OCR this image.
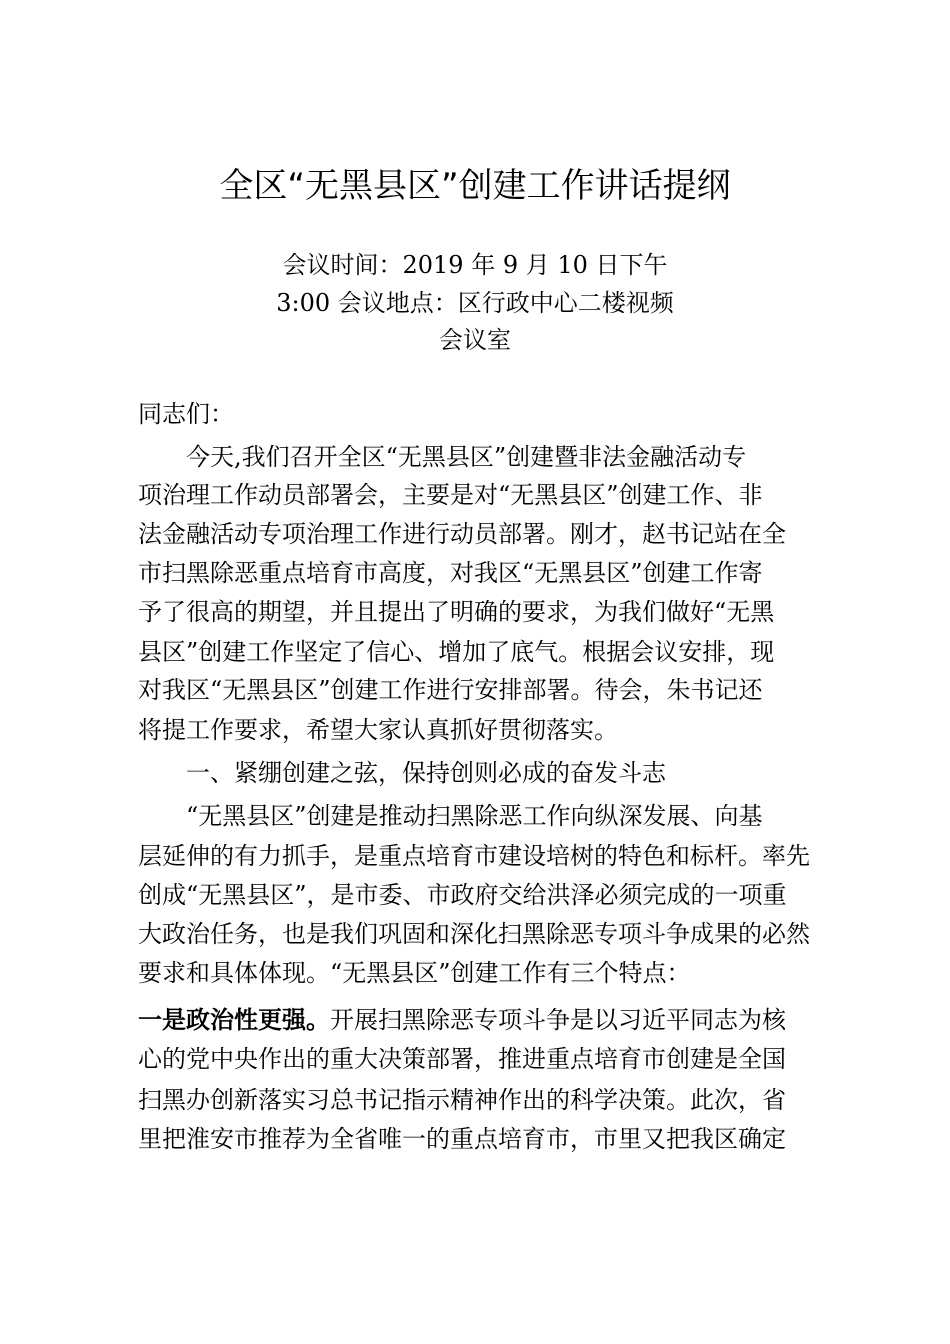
全区“无黑县区”创建工作讲话提纲
会议时间：2019 年 9 月 10 日下午
3:00 会议地点：区行政中心二楼视频
会议室
同志们：
今天,我们召开全区“无黑县区”创建暨非法金融活动专
项治理工作动员部署会，主要是对“无黑县区”创建工作、非
法金融活动专项治理工作进行动员部署。刚才，赵书记站在全
市扫黑除恶重点培育市高度，对我区“无黑县区”创建工作寄
予了很高的期望，并且提出了明确的要求，为我们做好“无黑
县区”创建工作坚定了信心、增加了底气。根据会议安排，现
对我区“无黑县区”创建工作进行安排部署。待会，朱书记还
将提工作要求，希望大家认真抓好贯彻落实。
一、紧绷创建之弦，保持创则必成的奋发斗志
“无黑县区”创建是推动扫黑除恶工作向纵深发展、向基
层延伸的有力抓手，是重点培育市建设培树的特色和标杆。率先
创成“无黑县区”，是市委、市政府交给洪泽必须完成的一项重
大政治任务，也是我们巩固和深化扫黑除恶专项斗争成果的必然
要求和具体体现。“无黑县区”创建工作有三个特点：
一是政治性更强。开展扫黑除恶专项斗争是以习近平同志为核
心的党中央作出的重大决策部署，推进重点培育市创建是全国
扫黑办创新落实习总书记指示精神作出的科学决策。此次，省
里把淮安市推荐为全省唯一的重点培育市，市里又把我区确定
